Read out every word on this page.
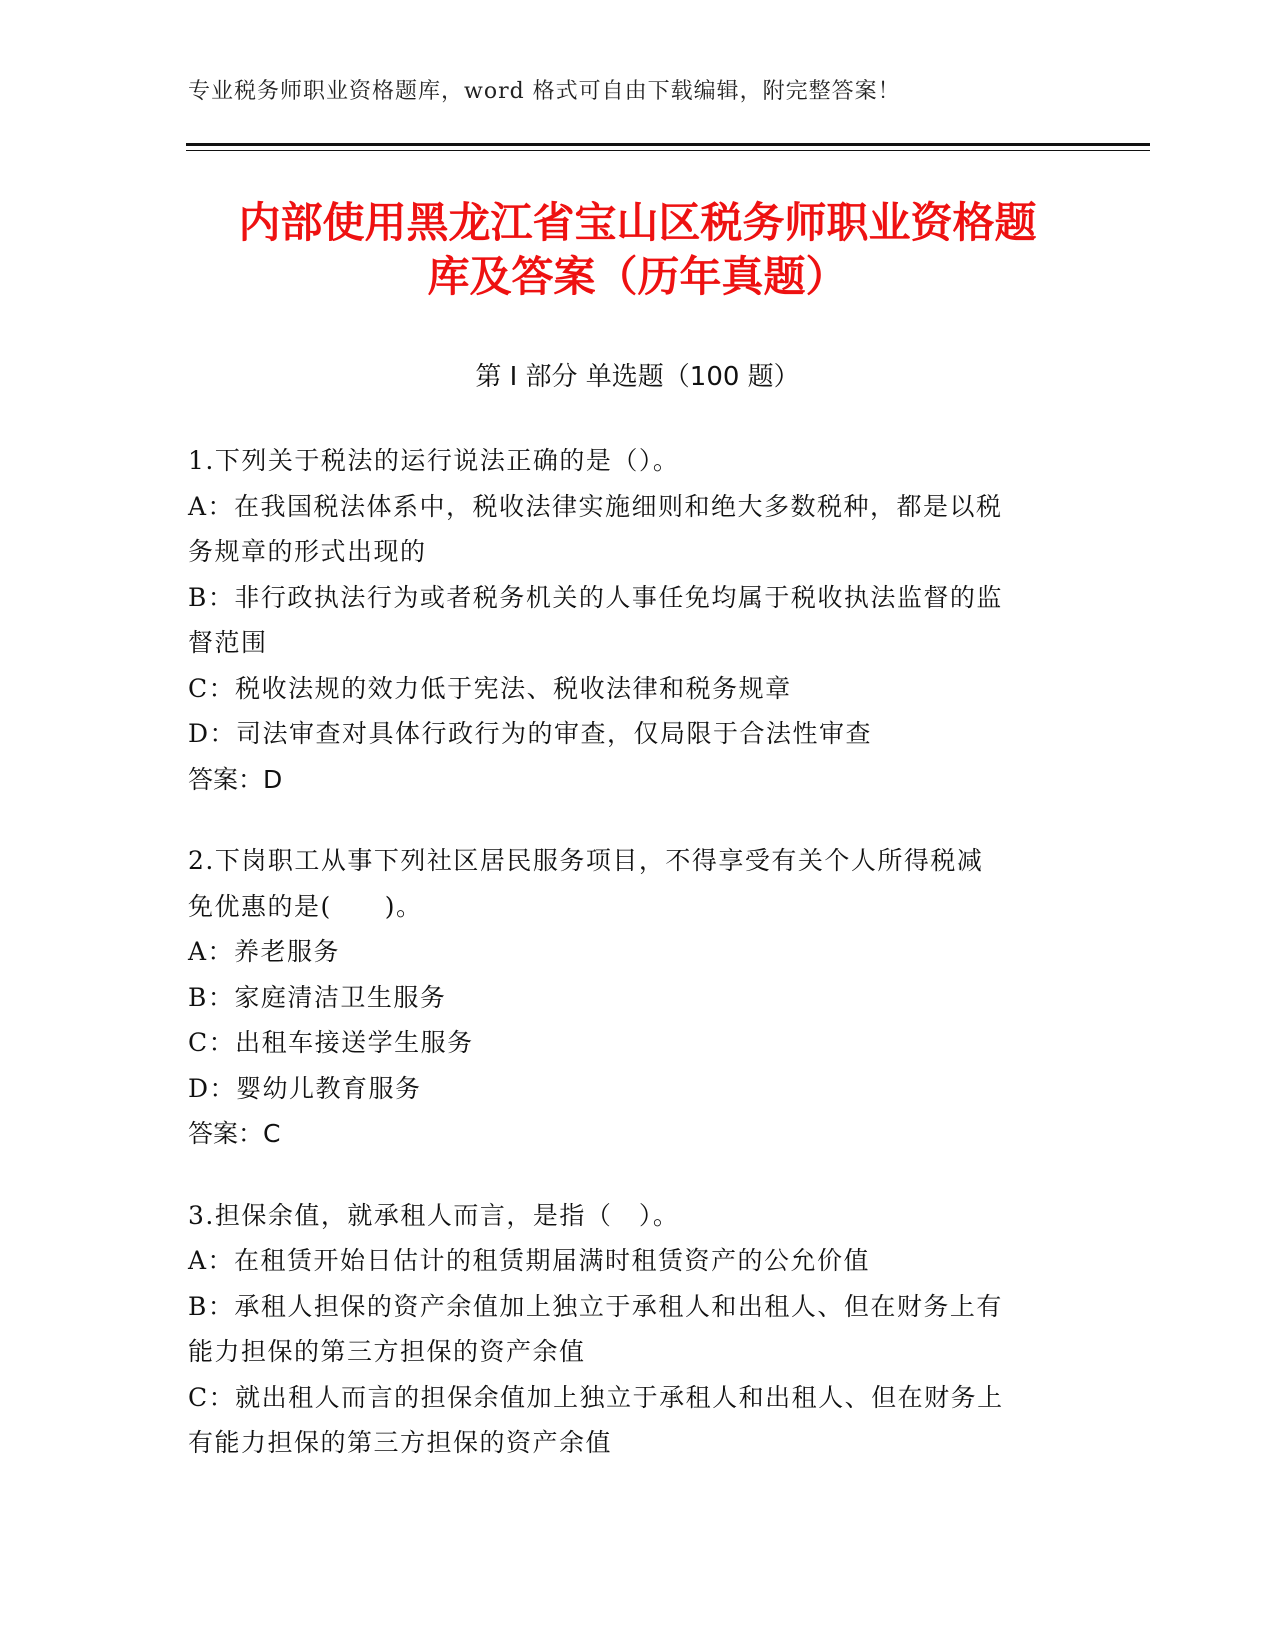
专业税务师职业资格题库，word 格式可自由下载编辑，附完整答案！
内部使用黑龙江省宝山区税务师职业资格题
库及答案（历年真题）
第 I 部分 单选题（100 题）
1.下列关于税法的运行说法正确的是（）。
A：在我国税法体系中，税收法律实施细则和绝大多数税种，都是以税
务规章的形式出现的
B：非行政执法行为或者税务机关的人事任免均属于税收执法监督的监
督范围
C：税收法规的效力低于宪法、税收法律和税务规章
D：司法审查对具体行政行为的审查，仅局限于合法性审查
答案：D
2.下岗职工从事下列社区居民服务项目，不得享受有关个人所得税减
免优惠的是(　　)。
A：养老服务
B：家庭清洁卫生服务
C：出租车接送学生服务
D：婴幼儿教育服务
答案：C
3.担保余值，就承租人而言，是指（　）。
A：在租赁开始日估计的租赁期届满时租赁资产的公允价值
B：承租人担保的资产余值加上独立于承租人和出租人、但在财务上有
能力担保的第三方担保的资产余值
C：就出租人而言的担保余值加上独立于承租人和出租人、但在财务上
有能力担保的第三方担保的资产余值
